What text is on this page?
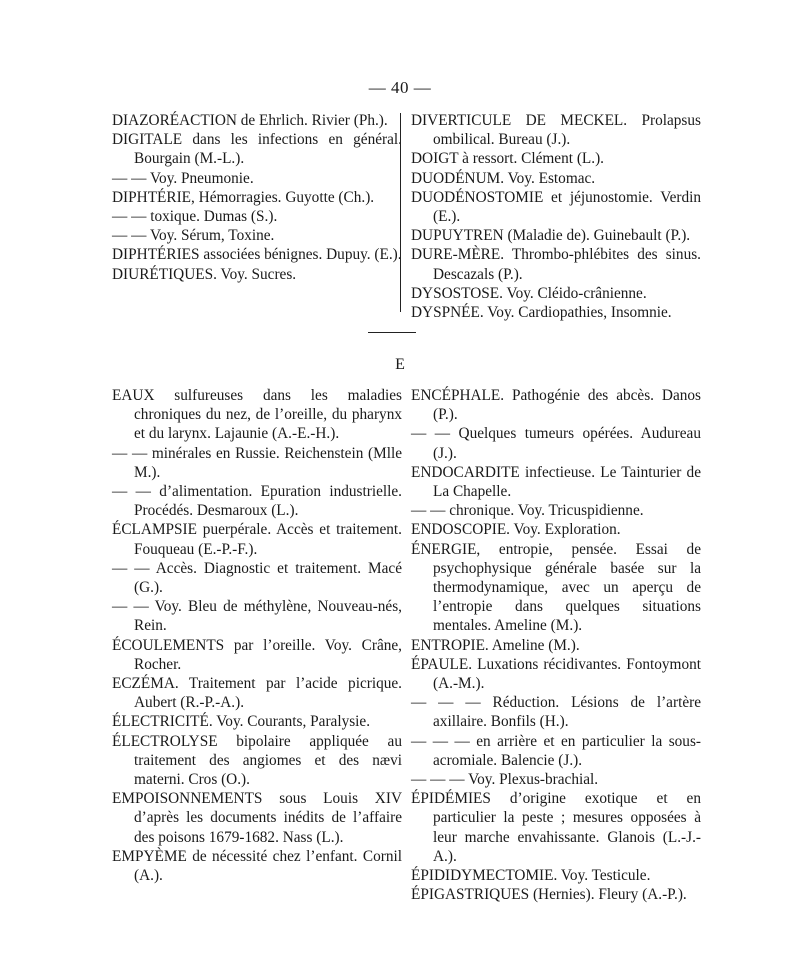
— 40 —
DIAZORÉACTION de Ehrlich. Rivier (Ph.).
DIGITALE dans les infections en général. Bourgain (M.-L.).
— — Voy. Pneumonie.
DIPHTÉRIE, Hémorragies. Guyotte (Ch.).
— — toxique. Dumas (S.).
— — Voy. Sérum, Toxine.
DIPHTÉRIES associées bénignes. Dupuy. (E.).
DIURÉTIQUES. Voy. Sucres.
DIVERTICULE DE MECKEL. Prolapsus ombilical. Bureau (J.).
DOIGT à ressort. Clément (L.).
DUODÉNUM. Voy. Estomac.
DUODÉNOSTOMIE et jéjunostomie. Verdin (E.).
DUPUYTREN (Maladie de). Guinebault (P.).
DURE-MÈRE. Thrombo-phlébites des sinus. Descazals (P.).
DYSOSTOSE. Voy. Cléido-crânienne.
DYSPNÉE. Voy. Cardiopathies, Insomnie.
E
EAUX sulfureuses dans les maladies chroniques du nez, de l’oreille, du pharynx et du larynx. Lajaunie (A.-E.-H.).
— — minérales en Russie. Reichenstein (Mlle M.).
— — d’alimentation. Epuration industrielle. Procédés. Desmaroux (L.).
ÉCLAMPSIE puerpérale. Accès et traitement. Fouqueau (E.-P.-F.).
— — Accès. Diagnostic et traitement. Macé (G.).
— — Voy. Bleu de méthylène, Nouveau-nés, Rein.
ÉCOULEMENTS par l’oreille. Voy. Crâne, Rocher.
ECZÉMA. Traitement par l’acide picrique. Aubert (R.-P.-A.).
ÉLECTRICITÉ. Voy. Courants, Paralysie.
ÉLECTROLYSE bipolaire appliquée au traitement des angiomes et des nævi materni. Cros (O.).
EMPOISONNEMENTS sous Louis XIV d’après les documents inédits de l’affaire des poisons 1679-1682. Nass (L.).
EMPYÈME de nécessité chez l’enfant. Cornil (A.).
ENCÉPHALE. Pathogénie des abcès. Danos (P.).
— — Quelques tumeurs opérées. Audureau (J.).
ENDOCARDITE infectieuse. Le Tainturier de La Chapelle.
— — chronique. Voy. Tricuspidienne.
ENDOSCOPIE. Voy. Exploration.
ÉNERGIE, entropie, pensée. Essai de psychophysique générale basée sur la thermodynamique, avec un aperçu de l’entropie dans quelques situations mentales. Ameline (M.).
ENTROPIE. Ameline (M.).
ÉPAULE. Luxations récidivantes. Fontoymont (A.-M.).
— — — Réduction. Lésions de l’artère axillaire. Bonfils (H.).
— — — en arrière et en particulier la sous-acromiale. Balencie (J.).
— — — Voy. Plexus-brachial.
ÉPIDÉMIES d’origine exotique et en particulier la peste ; mesures opposées à leur marche envahissante. Glanois (L.-J.-A.).
ÉPIDIDYMECTOMIE. Voy. Testicule.
ÉPIGASTRIQUES (Hernies). Fleury (A.-P.).
